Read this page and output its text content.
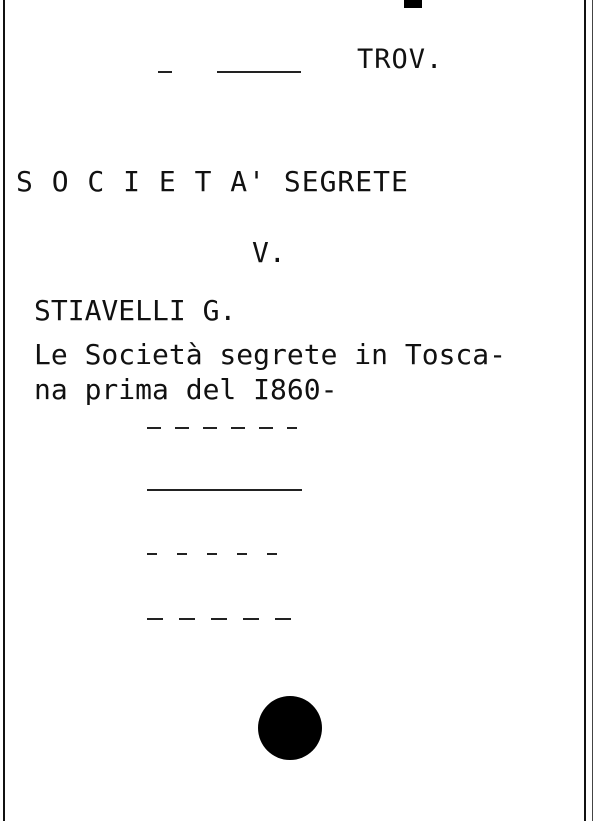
TROV.
S O C I E T A' SEGRETE
V.
STIAVELLI G.
Le Società segrete in Tosca-
na prima del I860-
